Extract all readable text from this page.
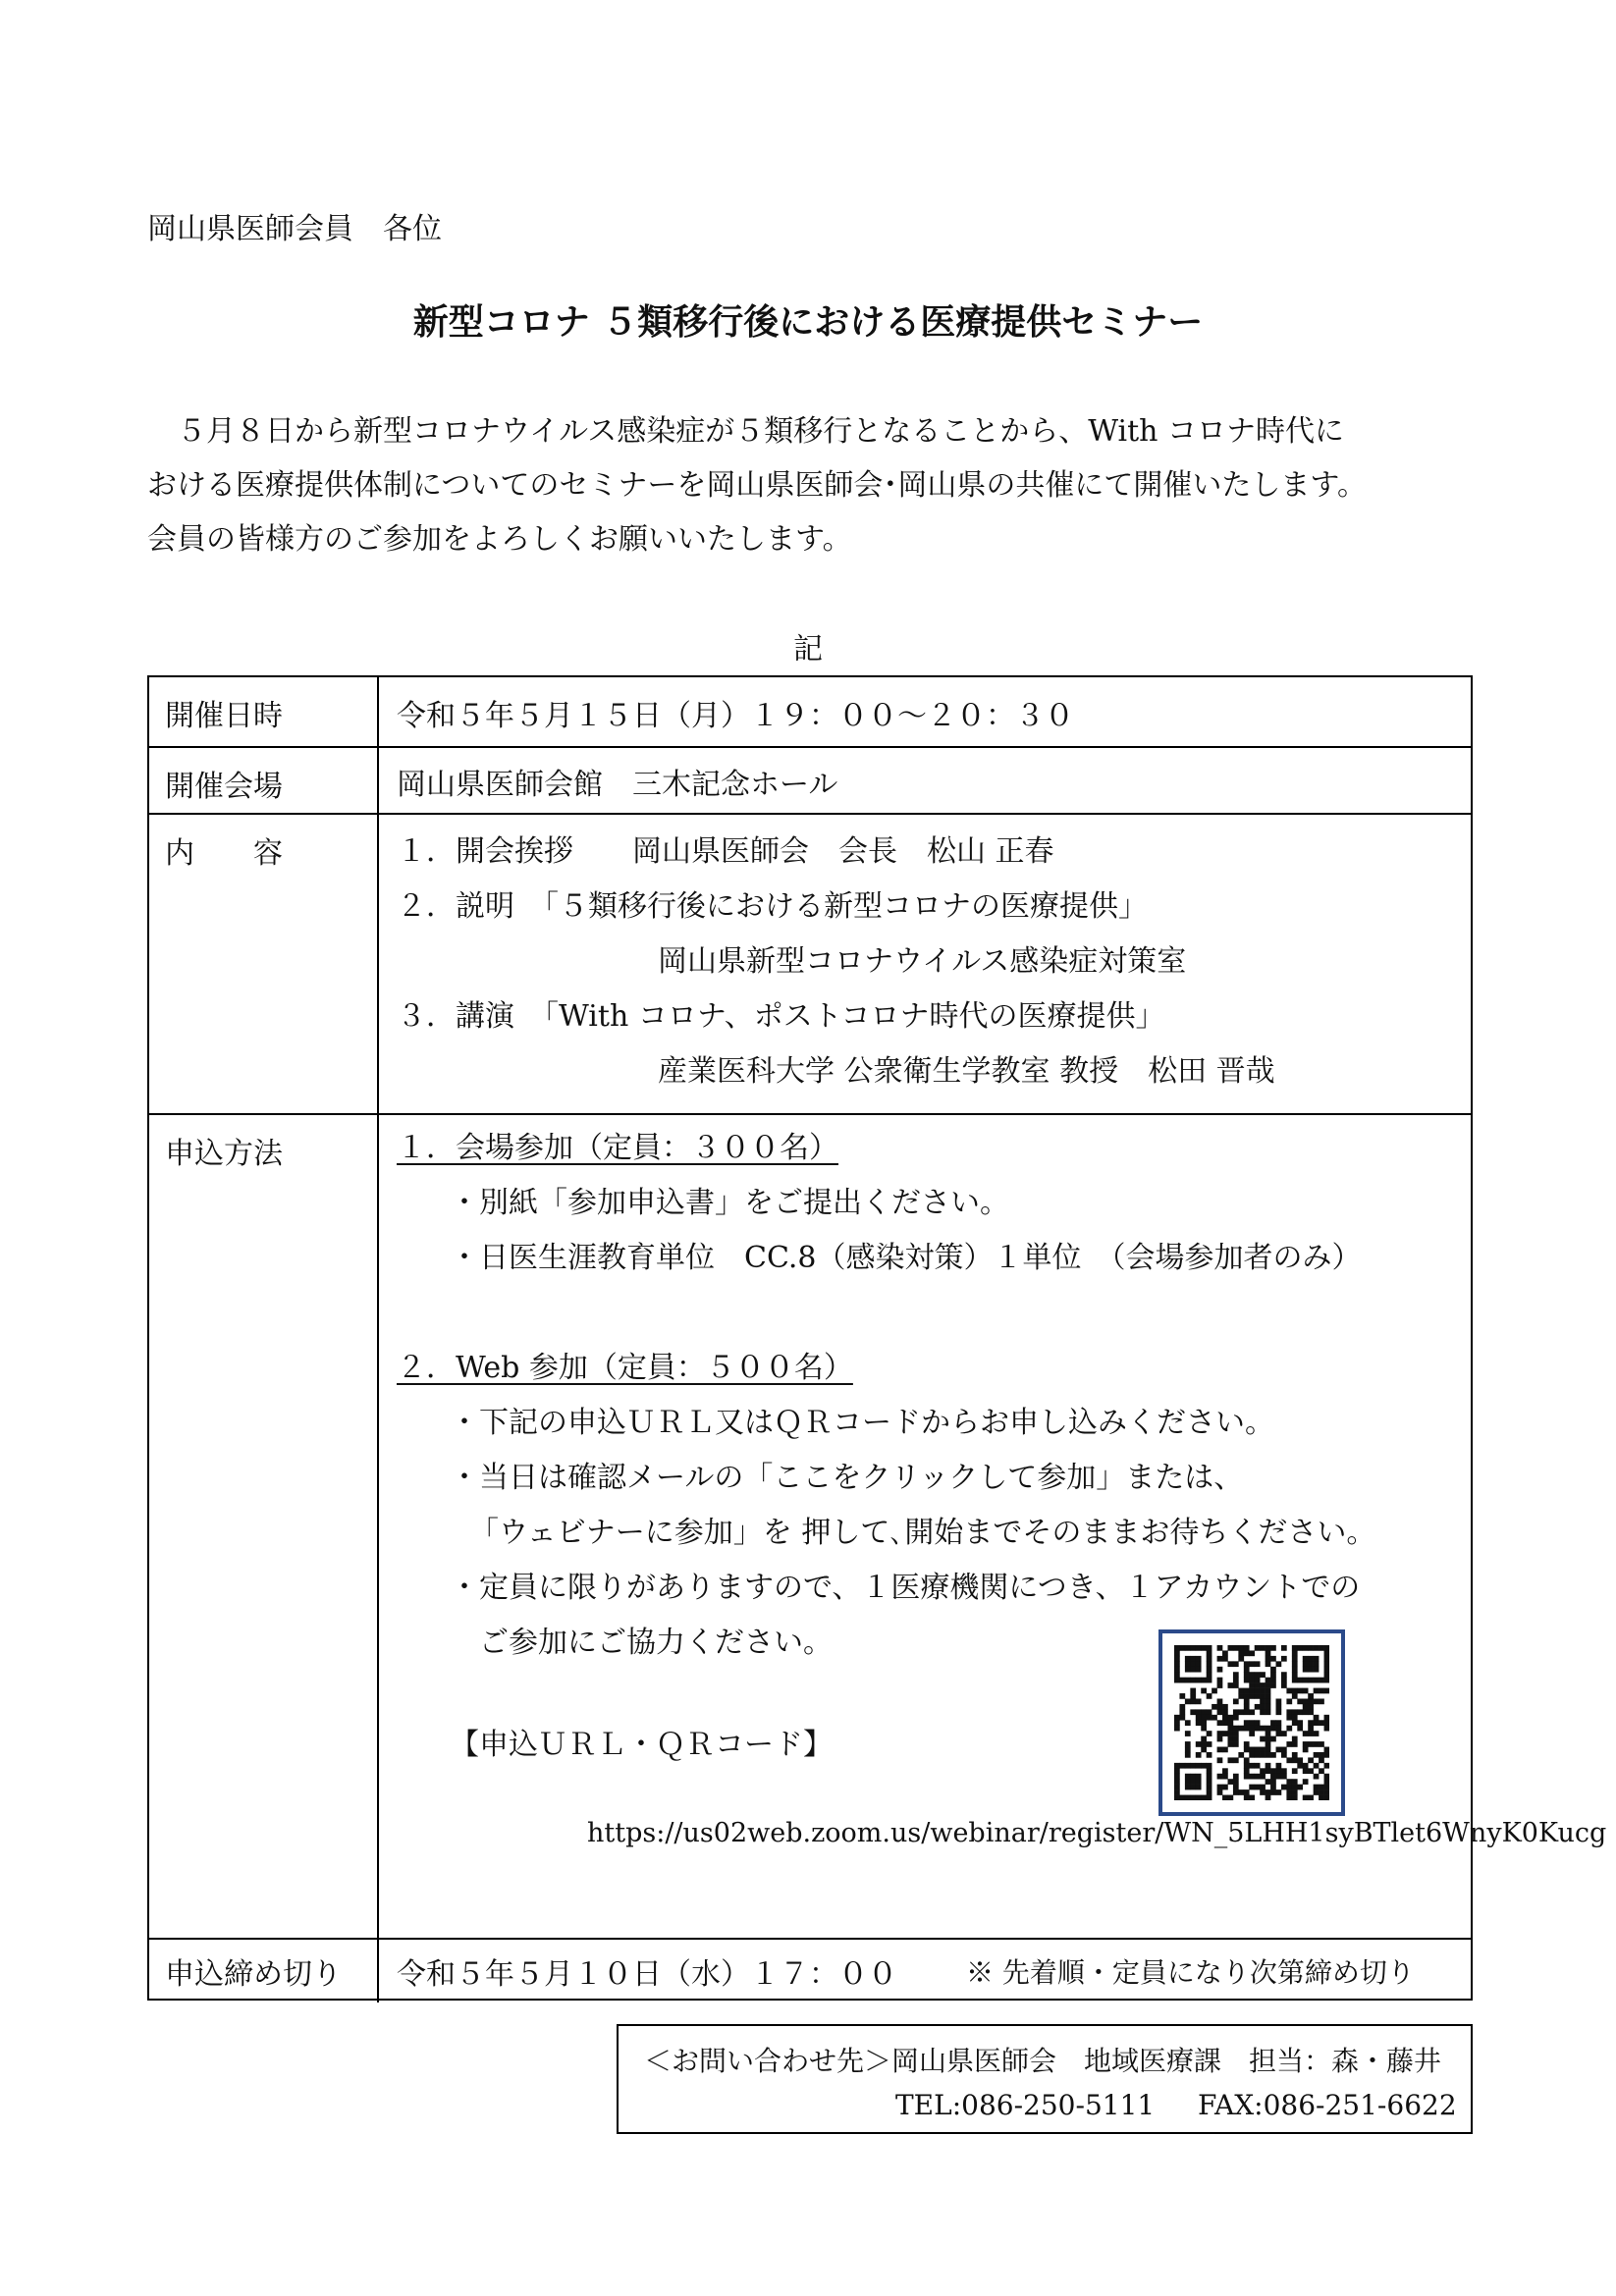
岡山県医師会員　各位
新型コロナ ５類移行後における医療提供セミナー

５月８日から新型コロナウイルス感染症が５類移行となることから、With コロナ時代に

おける医療提供体制についてのセミナーを岡山県医師会･岡山県の共催にて開催いたします。

会員の皆様方のご参加をよろしくお願いいたします。

記
開催日時	令和５年５月１５日（月）１９：００～２０：３０
開催会場	岡山県医師会館　三木記念ホール
内　　容	１．開会挨拶　　岡山県医師会　会長　松山 正春
２．説明　「５類移行後における新型コロナの医療提供」
岡山県新型コロナウイルス感染症対策室
３．講演　「With コロナ、ポストコロナ時代の医療提供」
産業医科大学 公衆衛生学教室 教授　松田 晋哉
申込方法	１．会場参加（定員：３００名）
・別紙「参加申込書」をご提出ください。
・日医生涯教育単位　CC.8（感染対策）１単位　（会場参加者のみ）
２．Web 参加（定員：５００名）
・下記の申込ＵＲＬ又はＱＲコードからお申し込みください。
・当日は確認メールの「ここをクリックして参加」または、
「ウェビナーに参加」を 押して､開始までそのままお待ちください。
・定員に限りがありますので、１医療機関につき、１アカウントでの
ご参加にご協力ください。
【申込ＵＲＬ・ＱＲコード】
https://us02web.zoom.us/webinar/register/WN_5LHH1syBTlet6WnyK0Kucg
申込締め切り	令和５年５月１０日（水）１７：００	※ 先着順・定員になり次第締め切り
＜お問い合わせ先＞岡山県医師会　地域医療課　担当：森・藤井
TEL:086-250-5111 FAX:086-251-6622
